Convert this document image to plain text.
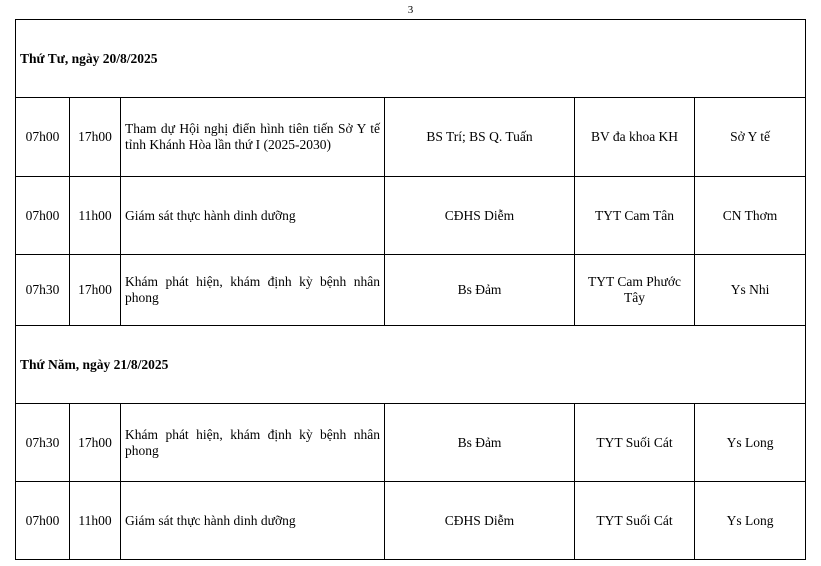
3
Thứ Tư, ngày 20/8/2025					
07h00	17h00	Tham dự Hội nghị điển hình tiên tiến Sở Y tế tỉnh Khánh Hòa lần thứ I (2025-2030)	BS Trí; BS Q. Tuấn	BV đa khoa KH	Sở Y tế
07h00	11h00	Giám sát thực hành dinh dưỡng	CĐHS Diễm	TYT Cam Tân	CN Thơm
07h30	17h00	Khám phát hiện, khám định kỳ bệnh nhân phong	Bs Đảm	TYT Cam Phước Tây	Ys Nhi
Thứ Năm, ngày 21/8/2025					
07h30	17h00	Khám phát hiện, khám định kỳ bệnh nhân phong	Bs Đảm	TYT Suối Cát	Ys Long
07h00	11h00	Giám sát thực hành dinh dưỡng	CĐHS Diễm	TYT Suối Cát	Ys Long
